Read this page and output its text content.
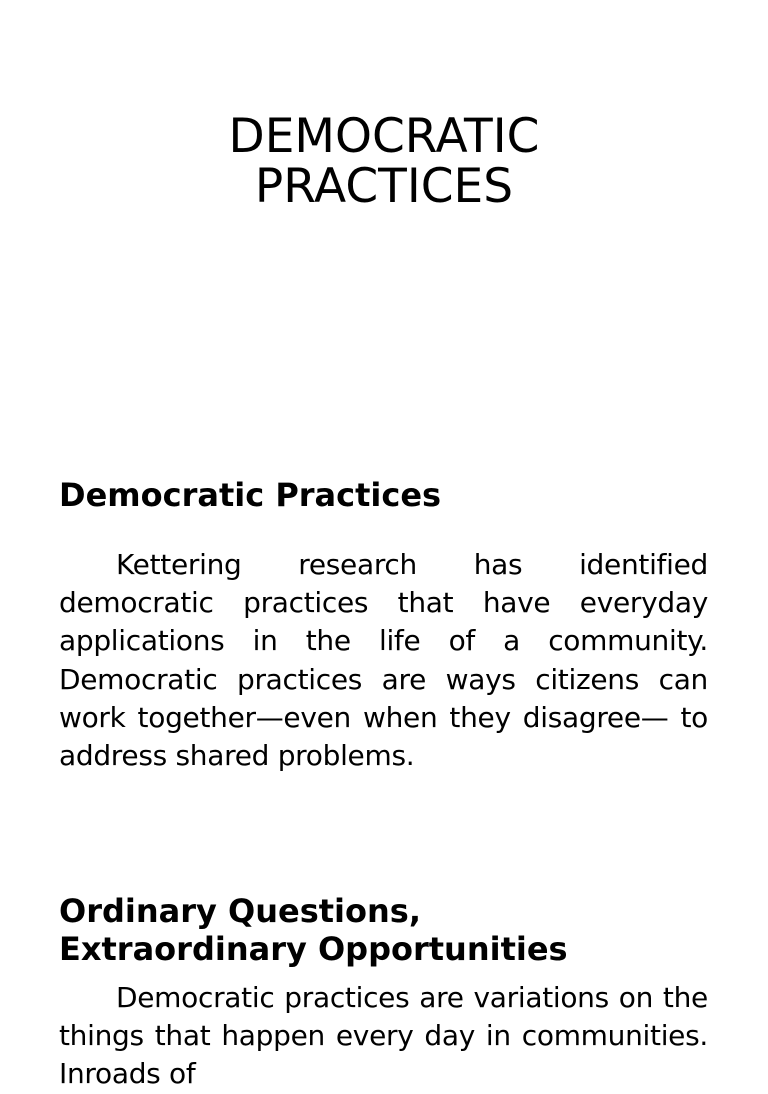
DEMOCRATIC
PRACTICES
Democratic Practices

Kettering research has identified democratic practices that have everyday applications in the life of a community. Democratic practices are ways citizens can work together—even when they disagree— to address shared problems.

Ordinary Questions,
Extraordinary Opportunities

Democratic practices are variations on the things that happen every day in communities. Inroads of
